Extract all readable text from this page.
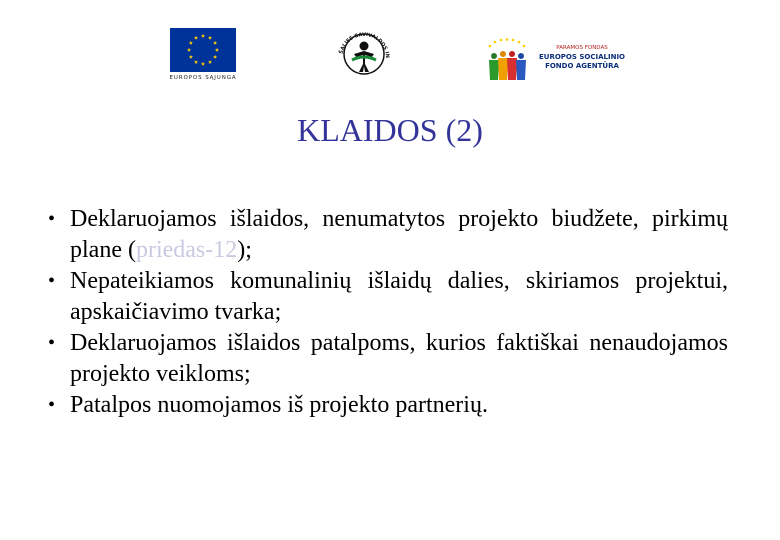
EUROPOS SĄJUNGA
ŠALIES SAVIVALDOS IN
PARAMOS FONDAS
EUROPOS SOCIALINIO
FONDO AGENTŪRA
KLAIDOS (2)
• Deklaruojamos išlaidos, nenumatytos projekto biudžete, pirkimų plane (priedas-12);
• Nepateikiamos komunalinių išlaidų dalies, skiriamos projektui, apskaičiavimo tvarka;
• Deklaruojamos išlaidos patalpoms, kurios faktiškai nenaudojamos projekto veikloms;
• Patalpos nuomojamos iš projekto partnerių.
